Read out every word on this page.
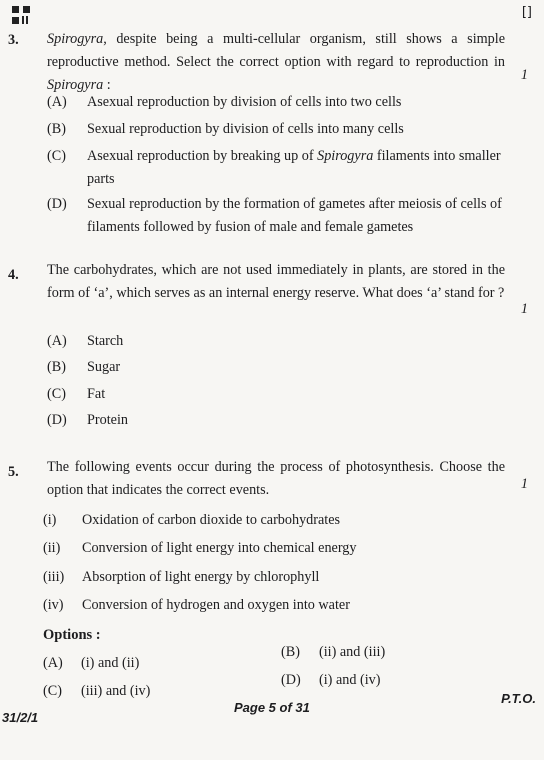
[]
3. Spirogyra, despite being a multi-cellular organism, still shows a simple reproductive method. Select the correct option with regard to reproduction in Spirogyra :
1
(A) Asexual reproduction by division of cells into two cells
(B) Sexual reproduction by division of cells into many cells
(C) Asexual reproduction by breaking up of Spirogyra filaments into smaller parts
(D) Sexual reproduction by the formation of gametes after meiosis of cells of filaments followed by fusion of male and female gametes
4. The carbohydrates, which are not used immediately in plants, are stored in the form of ‘a’, which serves as an internal energy reserve. What does ‘a’ stand for ?
1
(A) Starch
(B) Sugar
(C) Fat
(D) Protein
5. The following events occur during the process of photosynthesis. Choose the option that indicates the correct events.	1
(i) Oxidation of carbon dioxide to carbohydrates
(ii) Conversion of light energy into chemical energy
(iii) Absorption of light energy by chlorophyll
(iv) Conversion of hydrogen and oxygen into water
Options :
(A) (i) and (ii)
(B) (ii) and (iii)
(C) (iii) and (iv)
(D) (i) and (iv)
31/2/1
Page 5 of 31
P.T.O.
